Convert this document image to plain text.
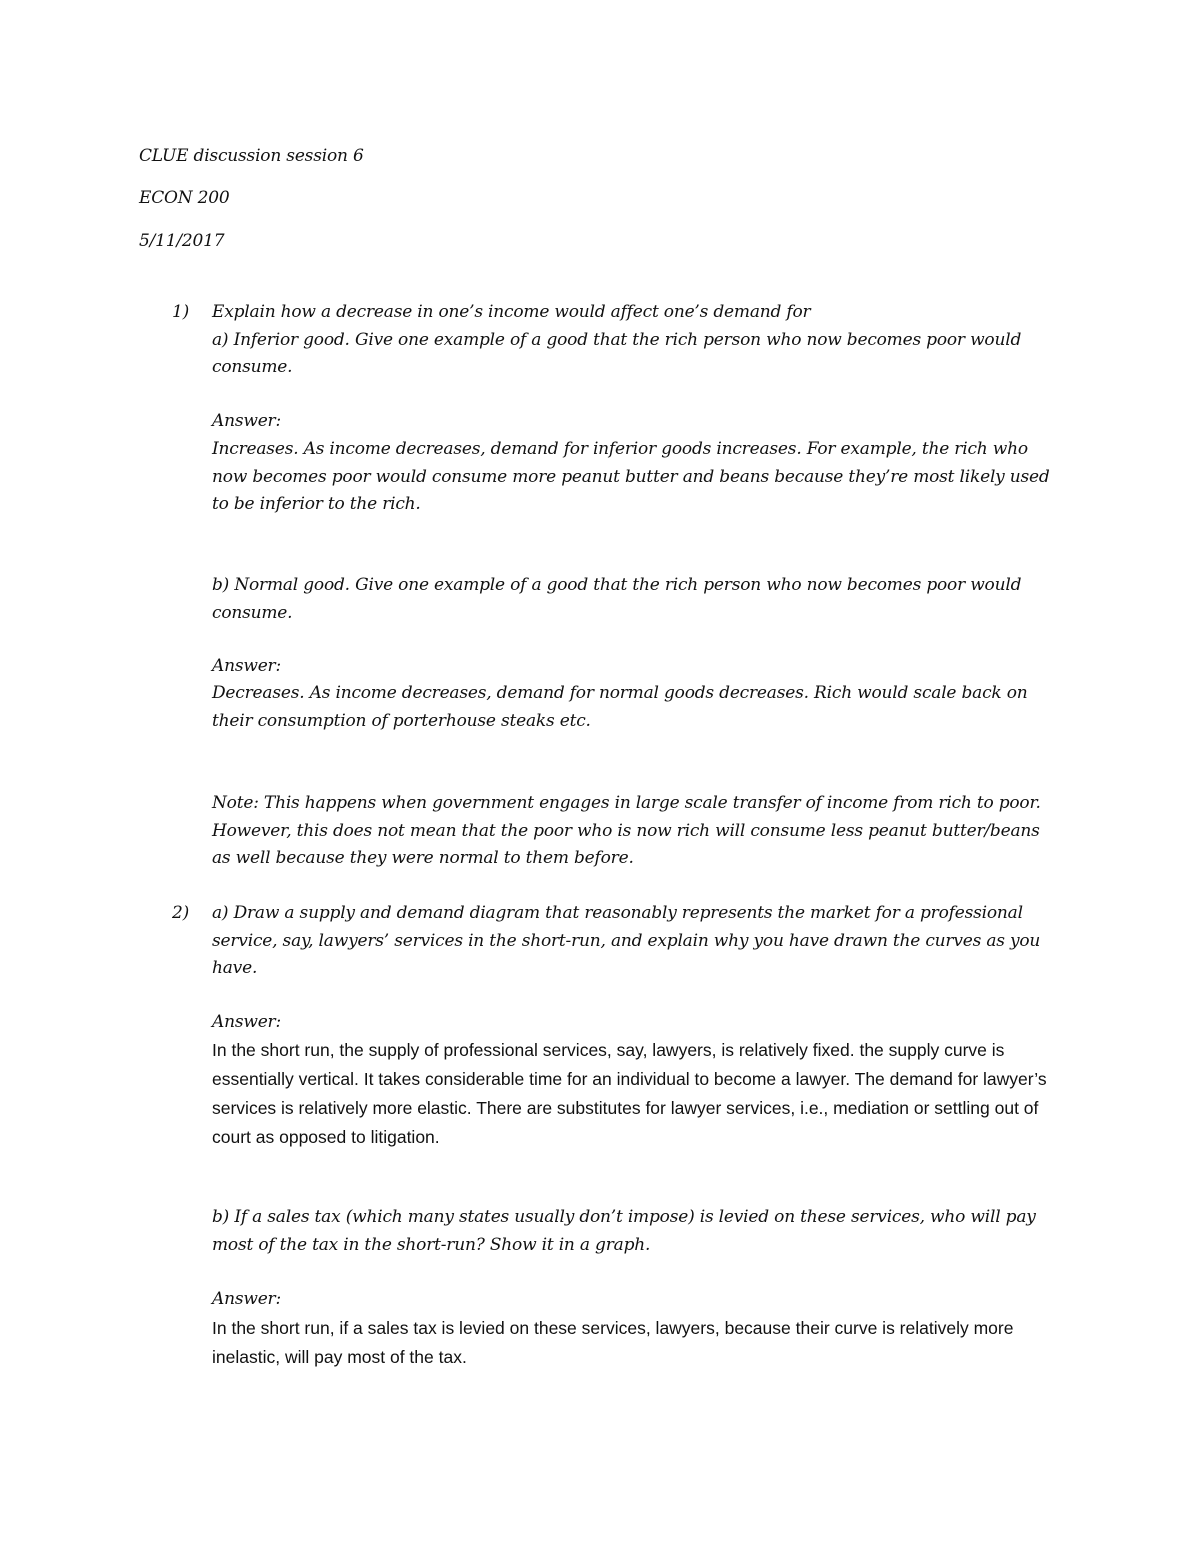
CLUE discussion session 6

ECON 200

5/11/2017

1) Explain how a decrease in one’s income would affect one’s demand for
a) Inferior good. Give one example of a good that the rich person who now becomes poor would consume.

Answer:

Increases. As income decreases, demand for inferior goods increases. For example, the rich who now becomes poor would consume more peanut butter and beans because they’re most likely used to be inferior to the rich.

b) Normal good. Give one example of a good that the rich person who now becomes poor would consume.

Answer:

Decreases. As income decreases, demand for normal goods decreases. Rich would scale back on their consumption of porterhouse steaks etc.

Note: This happens when government engages in large scale transfer of income from rich to poor. However, this does not mean that the poor who is now rich will consume less peanut butter/beans as well because they were normal to them before.

2) a) Draw a supply and demand diagram that reasonably represents the market for a professional service, say, lawyers’ services in the short-run, and explain why you have drawn the curves as you have.

Answer:

In the short run, the supply of professional services, say, lawyers, is relatively fixed. the supply curve is essentially vertical. It takes considerable time for an individual to become a lawyer. The demand for lawyer’s services is relatively more elastic. There are substitutes for lawyer services, i.e., mediation or settling out of court as opposed to litigation.

b) If a sales tax (which many states usually don’t impose) is levied on these services, who will pay most of the tax in the short-run? Show it in a graph.

Answer:

In the short run, if a sales tax is levied on these services, lawyers, because their curve is relatively more inelastic, will pay most of the tax.
